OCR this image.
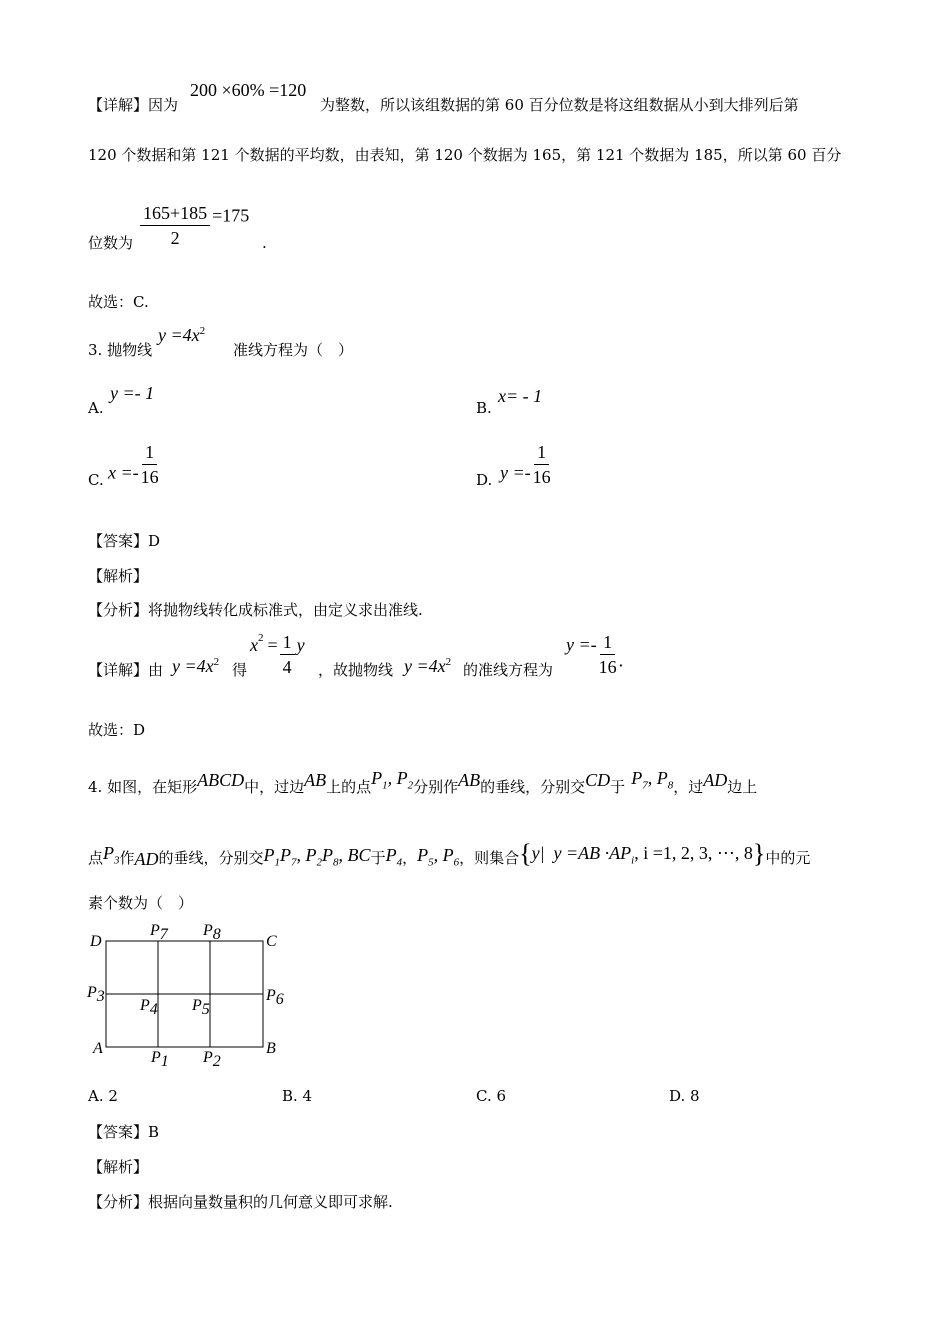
【详解】因为
200 ×60% =120
为整数，所以该组数据的第 60 百分位数是将这组数据从小到大排列后第
120 个数据和第 121 个数据的平均数，由表知，第 120 个数据为 165，第 121 个数据为 185，所以第 60 百分
位数为 $\frac{165+185}{2} =175$
.
故选：C.
3. 抛物线
$y =4x^2$
准线方程为（　）
A.
y =- 1
B.
x= - 1
C. $x =- \frac{1}{16}$	D. $y =- \frac{1}{16}$
【答案】D
【解析】
【分析】将抛物线转化成标准式，由定义求出准线.
【详解】由 $y =4x^2$ 得
$x^2 = \frac{1}{4}$ y
，故抛物线 $y =4x^2$ 的准线方程为
$y =- \frac{1}{16}$ .
故选：D
4. 如图，在矩形ABCD中，过边AB上的点$P_1$, $P_2$分别作AB的垂线，分别交CD于 $P_7$, $P_8$，过AD边上
点$P_3$作AD的垂线，分别交$P_1P_7$, $P_2P_8$, BC于$P_4$，$P_5$, $P_6$，则集合{y| $y =AB \cdot AP_i$, i =1, 2, 3, ⋯, 8}中的元
素个数为（　）
D	C
A	B
P7 P8
P3	P6
P4 P5
P1 P2
A. 2	B. 4	C. 6	D. 8
【答案】B
【解析】
【分析】根据向量数量积的几何意义即可求解.
